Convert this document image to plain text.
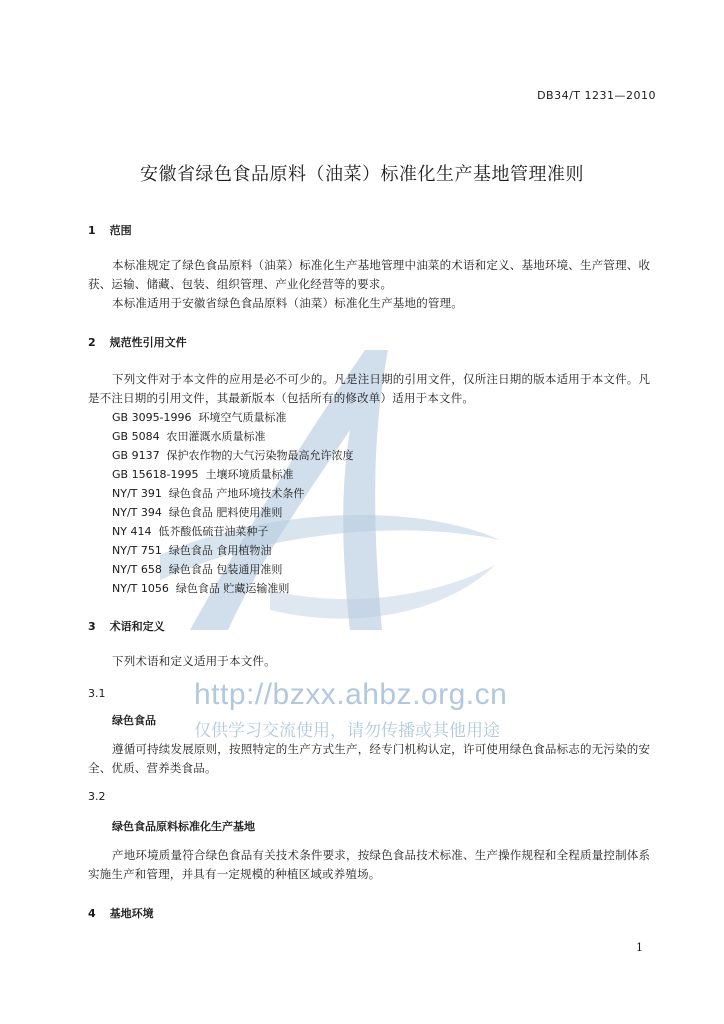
DB34/T 1231—2010
安徽省绿色食品原料（油菜）标准化生产基地管理准则
1 范围
本标准规定了绿色食品原料（油菜）标准化生产基地管理中油菜的术语和定义、基地环境、生产管理、收获、运输、储藏、包装、组织管理、产业化经营等的要求。
本标准适用于安徽省绿色食品原料（油菜）标准化生产基地的管理。
2 规范性引用文件
下列文件对于本文件的应用是必不可少的。凡是注日期的引用文件，仅所注日期的版本适用于本文件。凡是不注日期的引用文件，其最新版本（包括所有的修改单）适用于本文件。
GB 3095-1996  环境空气质量标准
GB 5084  农田灌溉水质量标准
GB 9137  保护农作物的大气污染物最高允许浓度
GB 15618-1995  土壤环境质量标准
NY/T 391  绿色食品 产地环境技术条件
NY/T 394  绿色食品 肥料使用准则
NY 414  低芥酸低硫苷油菜种子
NY/T 751  绿色食品 食用植物油
NY/T 658  绿色食品 包装通用准则
NY/T 1056  绿色食品 贮藏运输准则
3 术语和定义
下列术语和定义适用于本文件。
3.1
绿色食品
遵循可持续发展原则，按照特定的生产方式生产，经专门机构认定，许可使用绿色食品标志的无污染的安全、优质、营养类食品。
3.2
绿色食品原料标准化生产基地
产地环境质量符合绿色食品有关技术条件要求，按绿色食品技术标准、生产操作规程和全程质量控制体系实施生产和管理，并具有一定规模的种植区域或养殖场。
4 基地环境
http://bzxx.ahbz.org.cn
仅供学习交流使用，请勿传播或其他用途
1
